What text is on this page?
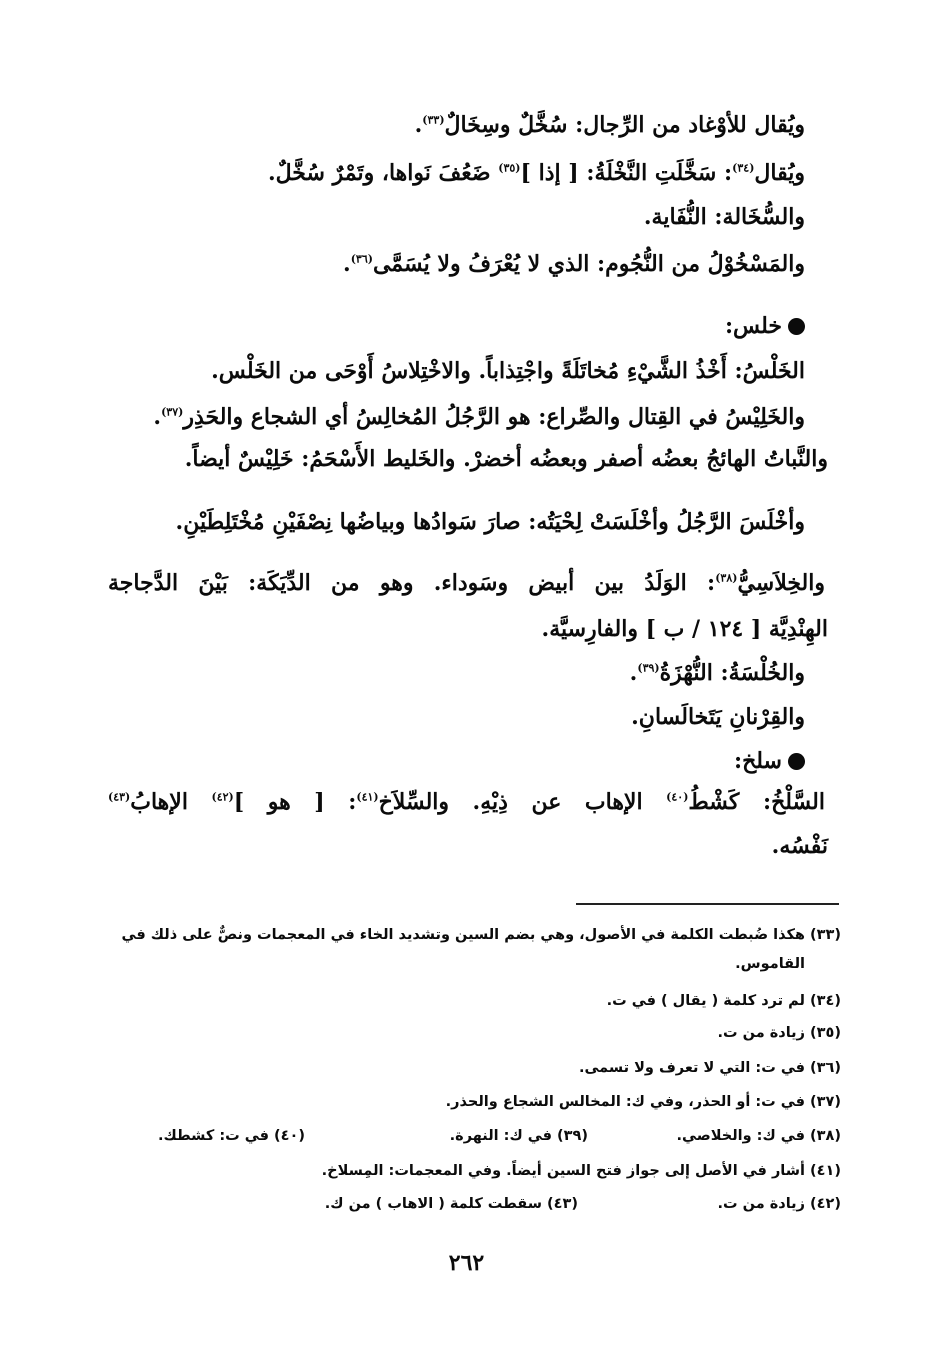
ويُقال للأوْغاد من الرِّجال: سُخَّلٌ وسِخَالٌ$^{(٣٣)}$.
ويُقال$^{(٣٤)}$: سَخَّلَتِ النَّخْلَةُ: [ إذا ]$^{(٣٥)}$ ضَعُفَ نَواها، وتَمْرٌ سُخَّلٌ.
والسُّخَالة: النُّفَاية.
والمَسْخُوْلُ من النُّجُوم: الذي لا يُعْرَفُ ولا يُسَمَّى$^{(٣٦)}$.
خلس:
الخَلْسُ: أَخْذُ الشَّيْءِ مُخاتَلَةً واجْتِذاباً. والاخْتِلاسُ أَوْحَى من الخَلْس.
والخَلِيْسُ في القِتال والصِّراع: هو الرَّجُلُ المُخالِسُ أي الشجاع والحَذِر$^{(٣٧)}$.
والنَّباتُ الهائجُ بعضُه أصفر وبعضُه أخضرْ. والخَليط الأَسْحَمُ: خَلِيْسٌ أيضاً.
وأخْلَسَ الرَّجُلُ وأخْلَسَتْ لِحْيَتُه: صارَ سَوادُها وبياضُها نِصْفَيْنِ مُخْتَلِطَيْنِ.
والخِلاَسِيُّ$^{(٣٨)}$: الوَلَدُ بين أبيض وسَوداء. وهو من الدِّيَكَة: بَيْنَ الدَّجاجة
الهِنْدِيَّة [ ١٢٤ / ب ] والفارِسيَّة.
والخُلْسَةُ: النُّهْزَةُ$^{(٣٩)}$.
والقِرْنانِ يَتَخالَسانِ.
سلخ:
السَّلْخُ: كَشْطُ$^{(٤٠)}$ الإهاب عن ذِيْهِ. والسِّلاَخ$^{(٤١)}$: [ هو ]$^{(٤٢)}$ الإهابُ$^{(٤٣)}$
نَفْسُه.
(٣٣) هكذا ضُبطت الكلمة في الأصول، وهي بضم السين وتشديد الخاء في المعجمات ونصٌّ على ذلك في
القاموس.
(٣٤) لم ترد كلمة ( يقال ) في ت.
(٣٥) زيادة من ت.
(٣٦) في ت: التي لا تعرف ولا تسمى.
(٣٧) في ت: أو الحذر، وفي ك: المخالس الشجاع والحذر.
(٣٨) في ك: والخلاصي.
(٣٩) في ك: النهرة.
(٤٠) في ت: كشطك.
(٤١) أشار في الأصل إلى جواز فتح السين أيضاً. وفي المعجمات: المِسلاخ.
(٤٢) زيادة من ت.
(٤٣) سقطت كلمة ( الاهاب ) من ك.
٢٦٢
